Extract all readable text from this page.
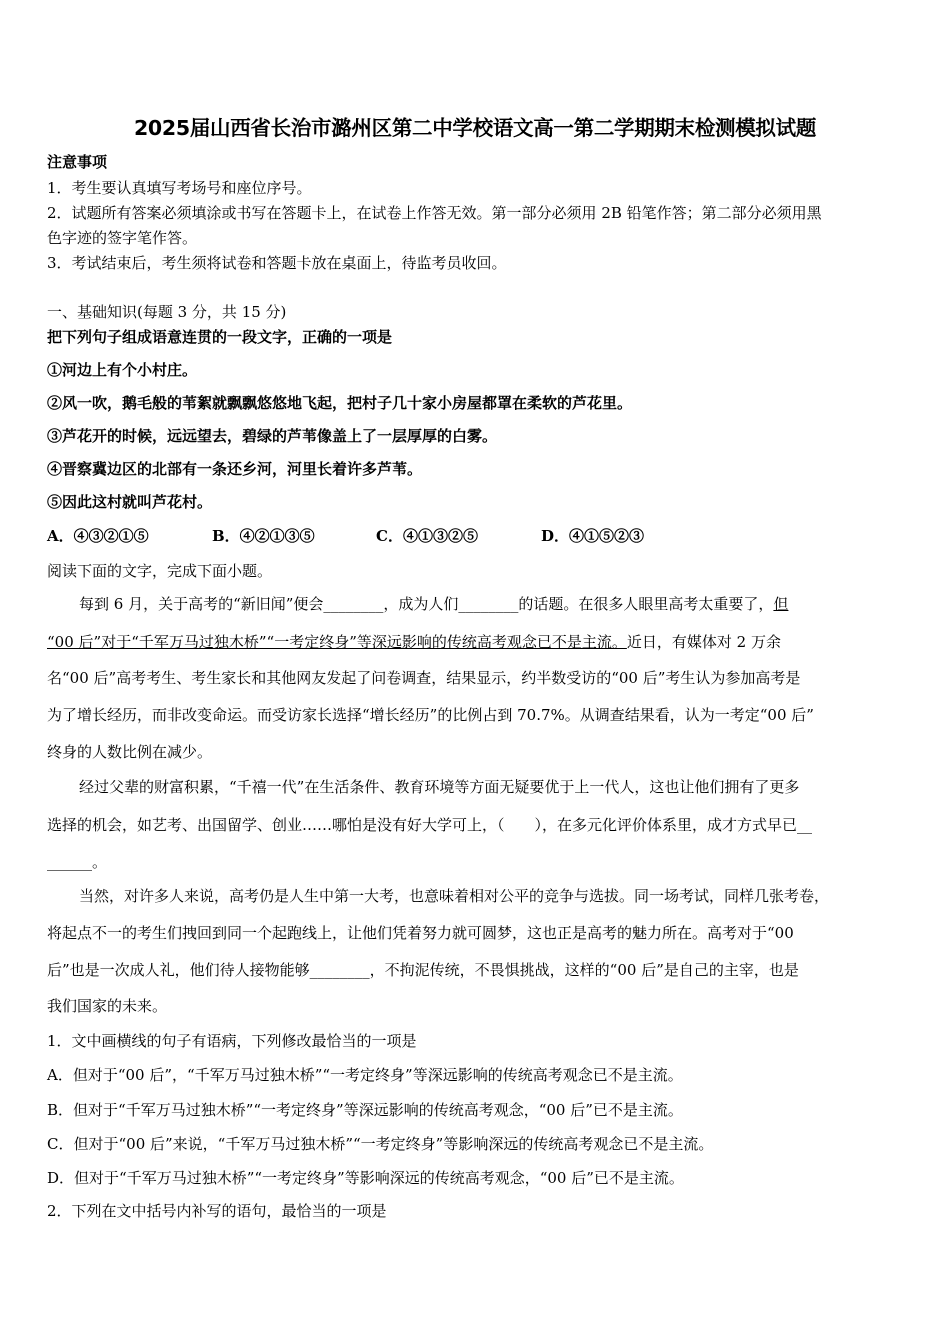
2025届山西省长治市潞州区第二中学校语文高一第二学期期末检测模拟试题
注意事项
1．考生要认真填写考场号和座位序号。
2．试题所有答案必须填涂或书写在答题卡上，在试卷上作答无效。第一部分必须用 2B 铅笔作答；第二部分必须用黑
色字迹的签字笔作答。
3．考试结束后，考生须将试卷和答题卡放在桌面上，待监考员收回。
一、基础知识(每题 3 分，共 15 分)
把下列句子组成语意连贯的一段文字，正确的一项是
①河边上有个小村庄。
②风一吹，鹅毛般的苇絮就飘飘悠悠地飞起，把村子几十家小房屋都罩在柔软的芦花里。
③芦花开的时候，远远望去，碧绿的芦苇像盖上了一层厚厚的白雾。
④晋察冀边区的北部有一条还乡河，河里长着许多芦苇。
⑤因此这村就叫芦花村。
A．④③②①⑤	B．④②①③⑤	C．④①③②⑤	D．④①⑤②③
阅读下面的文字，完成下面小题。
每到 6 月，关于高考的“新旧闻”便会________，成为人们________的话题。在很多人眼里高考太重要了，但
“00 后”对于“千军万马过独木桥”“一考定终身”等深远影响的传统高考观念已不是主流。近日，有媒体对 2 万余
名“00 后”高考考生、考生家长和其他网友发起了问卷调查，结果显示，约半数受访的“00 后”考生认为参加高考是
为了增长经历，而非改变命运。而受访家长选择“增长经历”的比例占到 70.7%。从调查结果看，认为一考定“00 后”
终身的人数比例在减少。
经过父辈的财富积累，“千禧一代”在生活条件、教育环境等方面无疑要优于上一代人，这也让他们拥有了更多
选择的机会，如艺考、出国留学、创业……哪怕是没有好大学可上，（　　），在多元化评价体系里，成才方式早已__
______。
当然，对许多人来说，高考仍是人生中第一大考，也意味着相对公平的竞争与选拔。同一场考试，同样几张考卷，
将起点不一的考生们拽回到同一个起跑线上，让他们凭着努力就可圆梦，这也正是高考的魅力所在。高考对于“00
后”也是一次成人礼，他们待人接物能够________，不拘泥传统，不畏惧挑战，这样的“00 后”是自己的主宰，也是
我们国家的未来。
1．文中画横线的句子有语病，下列修改最恰当的一项是
A．但对于“00 后”，“千军万马过独木桥”“一考定终身”等深远影响的传统高考观念已不是主流。
B．但对于“千军万马过独木桥”“一考定终身”等深远影响的传统高考观念，“00 后”已不是主流。
C．但对于“00 后”来说，“千军万马过独木桥”“一考定终身”等影响深远的传统高考观念已不是主流。
D．但对于“千军万马过独木桥”“一考定终身”等影响深远的传统高考观念，“00 后”已不是主流。
2．下列在文中括号内补写的语句，最恰当的一项是
